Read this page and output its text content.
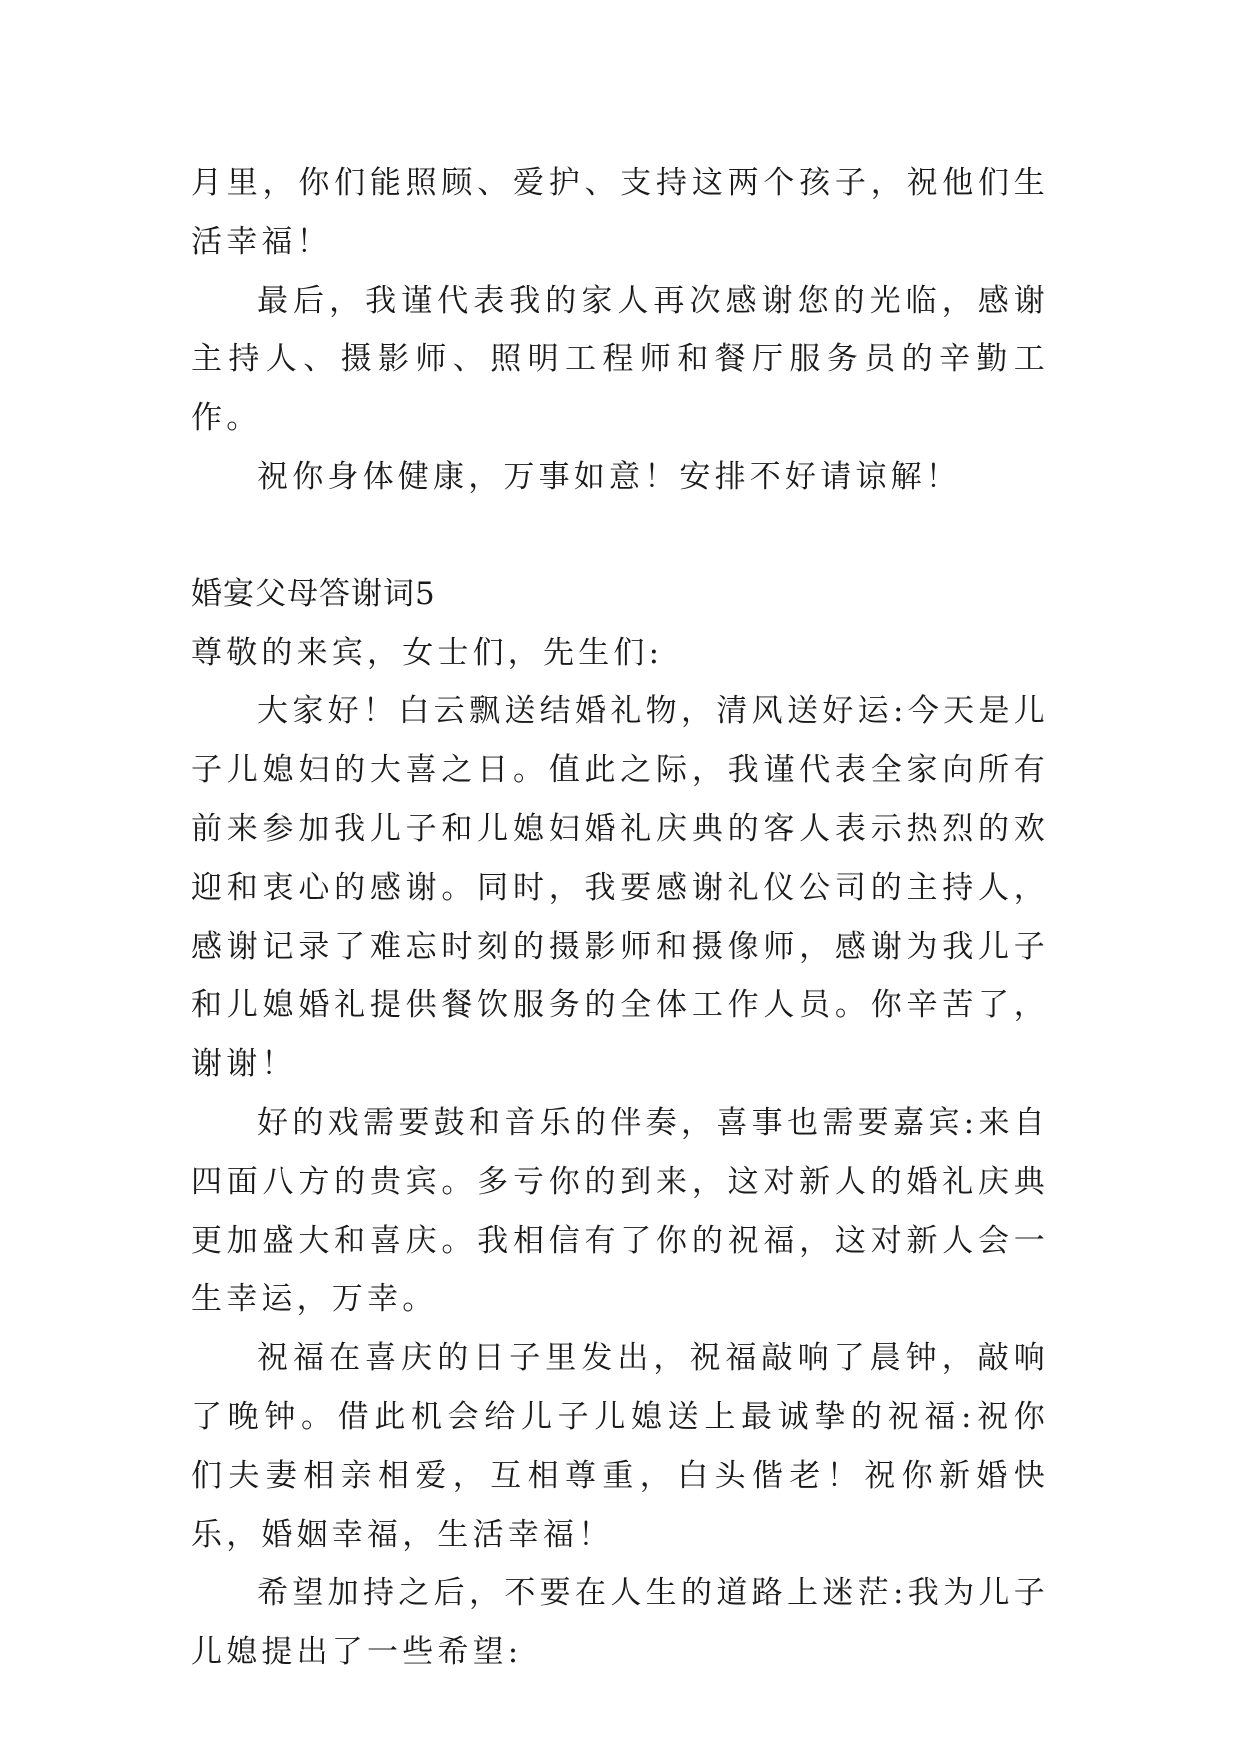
月里，你们能照顾、爱护、支持这两个孩子，祝他们生活幸福！

最后，我谨代表我的家人再次感谢您的光临，感谢主持人、摄影师、照明工程师和餐厅服务员的辛勤工作。

祝你身体健康，万事如意！安排不好请谅解！

婚宴父母答谢词5

尊敬的来宾，女士们，先生们:

大家好！白云飘送结婚礼物，清风送好运:今天是儿子儿媳妇的大喜之日。值此之际，我谨代表全家向所有前来参加我儿子和儿媳妇婚礼庆典的客人表示热烈的欢迎和衷心的感谢。同时，我要感谢礼仪公司的主持人，感谢记录了难忘时刻的摄影师和摄像师，感谢为我儿子和儿媳婚礼提供餐饮服务的全体工作人员。你辛苦了，谢谢！

好的戏需要鼓和音乐的伴奏，喜事也需要嘉宾:来自四面八方的贵宾。多亏你的到来，这对新人的婚礼庆典更加盛大和喜庆。我相信有了你的祝福，这对新人会一生幸运，万幸。

祝福在喜庆的日子里发出，祝福敲响了晨钟，敲响了晚钟。借此机会给儿子儿媳送上最诚挚的祝福:祝你们夫妻相亲相爱，互相尊重，白头偕老！祝你新婚快乐，婚姻幸福，生活幸福！

希望加持之后，不要在人生的道路上迷茫:我为儿子儿媳提出了一些希望:
